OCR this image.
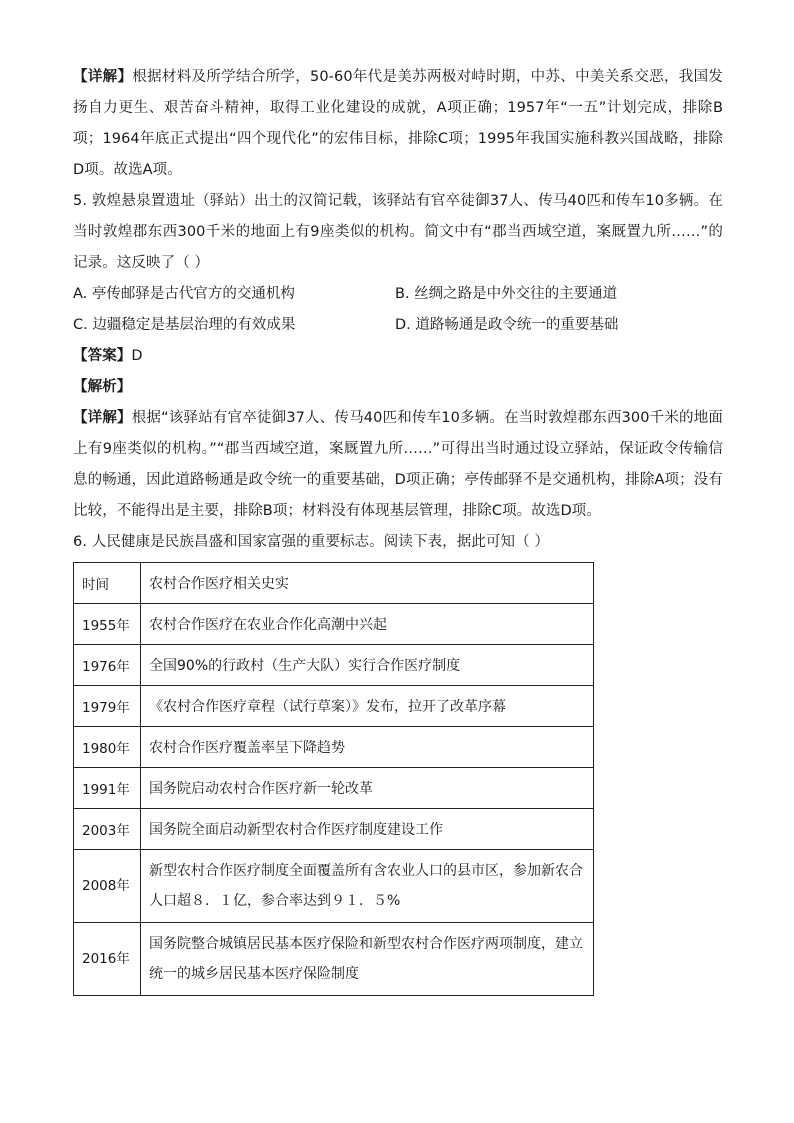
【详解】根据材料及所学结合所学，50-60年代是美苏两极对峙时期，中苏、中美关系交恶，我国发扬自力更生、艰苦奋斗精神，取得工业化建设的成就，A项正确；1957年“一五”计划完成，排除B项；1964年底正式提出“四个现代化”的宏伟目标，排除C项；1995年我国实施科教兴国战略，排除D项。故选A项。

5. 敦煌悬泉置遗址（驿站）出土的汉简记载，该驿站有官卒徒御37人、传马40匹和传车10多辆。在当时敦煌郡东西300千米的地面上有9座类似的机构。简文中有“郡当西域空道，案厩置九所……”的记录。这反映了（ ）

A. 亭传邮驿是古代官方的交通机构	B. 丝绸之路是中外交往的主要通道
C. 边疆稳定是基层治理的有效成果	D. 道路畅通是政令统一的重要基础

【答案】D

【解析】

【详解】根据“该驿站有官卒徒御37人、传马40匹和传车10多辆。在当时敦煌郡东西300千米的地面上有9座类似的机构。”“郡当西域空道，案厩置九所……”可得出当时通过设立驿站，保证政令传输信息的畅通，因此道路畅通是政令统一的重要基础，D项正确；亭传邮驿不是交通机构，排除A项；没有比较，不能得出是主要，排除B项；材料没有体现基层管理，排除C项。故选D项。

6. 人民健康是民族昌盛和国家富强的重要标志。阅读下表，据此可知（ ）

时间	农村合作医疗相关史实
1955年	农村合作医疗在农业合作化高潮中兴起
1976年	全国90%的行政村（生产大队）实行合作医疗制度
1979年	《农村合作医疗章程（试行草案）》发布，拉开了改革序幕
1980年	农村合作医疗覆盖率呈下降趋势
1991年	国务院启动农村合作医疗新一轮改革
2003年	国务院全面启动新型农村合作医疗制度建设工作
2008年	新型农村合作医疗制度全面覆盖所有含农业人口的县市区，参加新农合人口超８．１亿，参合率达到９１．５%
2016年	国务院整合城镇居民基本医疗保险和新型农村合作医疗两项制度，建立统一的城乡居民基本医疗保险制度
